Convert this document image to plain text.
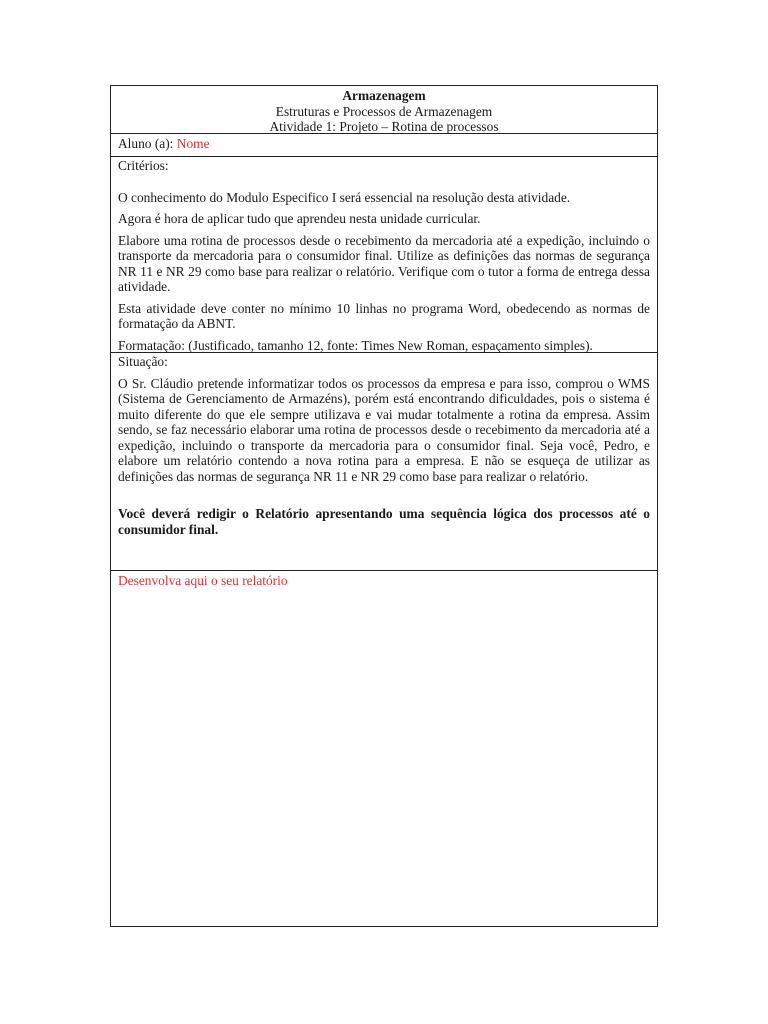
Armazenagem
Estruturas e Processos de Armazenagem
Atividade 1: Projeto – Rotina de processos
Aluno (a): Nome

Critérios:

O conhecimento do Modulo Especifico I será essencial na resolução desta atividade.

Agora é hora de aplicar tudo que aprendeu nesta unidade curricular.

Elabore uma rotina de processos desde o recebimento da mercadoria até a expedição, incluindo o transporte da mercadoria para o consumidor final. Utilize as definições das normas de segurança NR 11 e NR 29 como base para realizar o relatório. Verifique com o tutor a forma de entrega dessa atividade.

Esta atividade deve conter no mínimo 10 linhas no programa Word, obedecendo as normas de formatação da ABNT.

Formatação: (Justificado, tamanho 12, fonte: Times New Roman, espaçamento simples).

Situação:

O Sr. Cláudio pretende informatizar todos os processos da empresa e para isso, comprou o WMS (Sistema de Gerenciamento de Armazéns), porém está encontrando dificuldades, pois o sistema é muito diferente do que ele sempre utilizava e vai mudar totalmente a rotina da empresa. Assim sendo, se faz necessário elaborar uma rotina de processos desde o recebimento da mercadoria até a expedição, incluindo o transporte da mercadoria para o consumidor final. Seja você, Pedro, e elabore um relatório contendo a nova rotina para a empresa. E não se esqueça de utilizar as definições das normas de segurança NR 11 e NR 29 como base para realizar o relatório.

Você deverá redigir o Relatório apresentando uma sequência lógica dos processos até o consumidor final.

Desenvolva aqui o seu relatório
